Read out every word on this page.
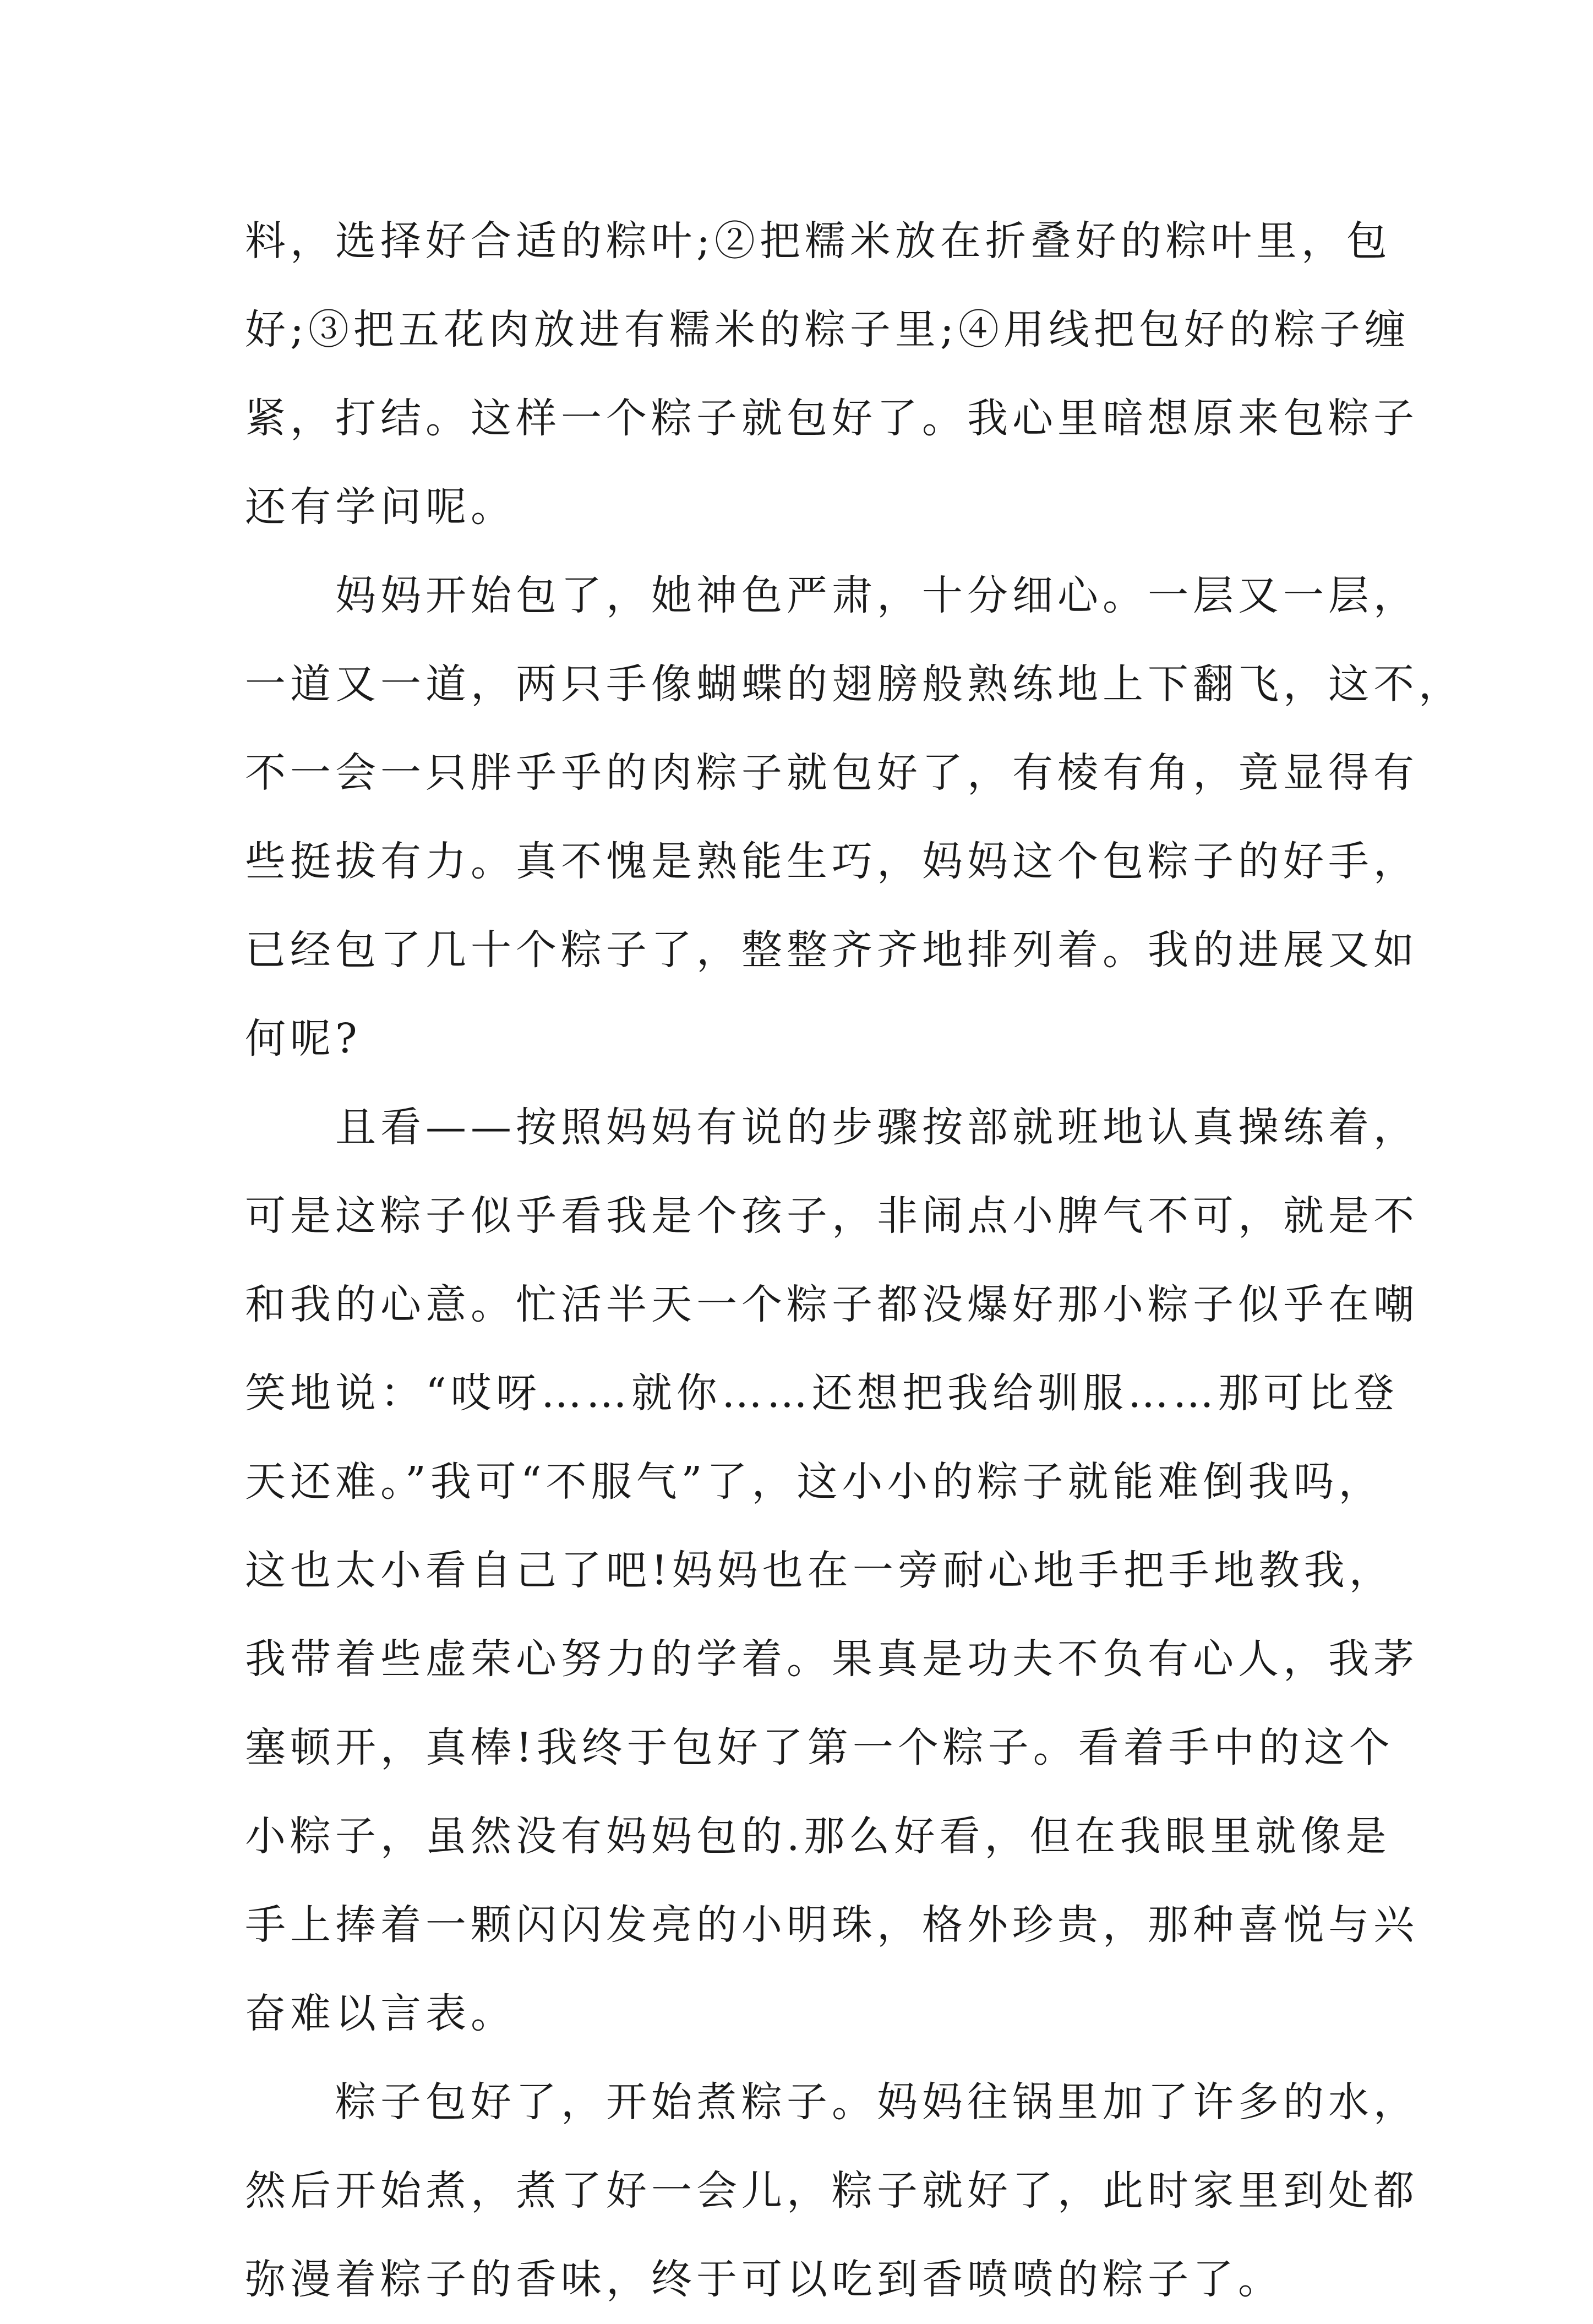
料，选择好合适的粽叶;②把糯米放在折叠好的粽叶里，包
好;③把五花肉放进有糯米的粽子里;④用线把包好的粽子缠
紧，打结。这样一个粽子就包好了。我心里暗想原来包粽子
还有学问呢。

妈妈开始包了，她神色严肃，十分细心。一层又一层，
一道又一道，两只手像蝴蝶的翅膀般熟练地上下翻飞，这不，
不一会一只胖乎乎的肉粽子就包好了，有棱有角，竟显得有
些挺拔有力。真不愧是熟能生巧，妈妈这个包粽子的好手，
已经包了几十个粽子了，整整齐齐地排列着。我的进展又如
何呢?

且看——按照妈妈有说的步骤按部就班地认真操练着，
可是这粽子似乎看我是个孩子，非闹点小脾气不可，就是不
和我的心意。忙活半天一个粽子都没爆好那小粽子似乎在嘲
笑地说：“哎呀……就你……还想把我给驯服……那可比登
天还难。”我可“不服气”了，这小小的粽子就能难倒我吗，
这也太小看自己了吧!妈妈也在一旁耐心地手把手地教我，
我带着些虚荣心努力的学着。果真是功夫不负有心人，我茅
塞顿开，真棒!我终于包好了第一个粽子。看着手中的这个
小粽子，虽然没有妈妈包的.那么好看，但在我眼里就像是
手上捧着一颗闪闪发亮的小明珠，格外珍贵，那种喜悦与兴
奋难以言表。

粽子包好了，开始煮粽子。妈妈往锅里加了许多的水，
然后开始煮，煮了好一会儿，粽子就好了，此时家里到处都
弥漫着粽子的香味，终于可以吃到香喷喷的粽子了。
